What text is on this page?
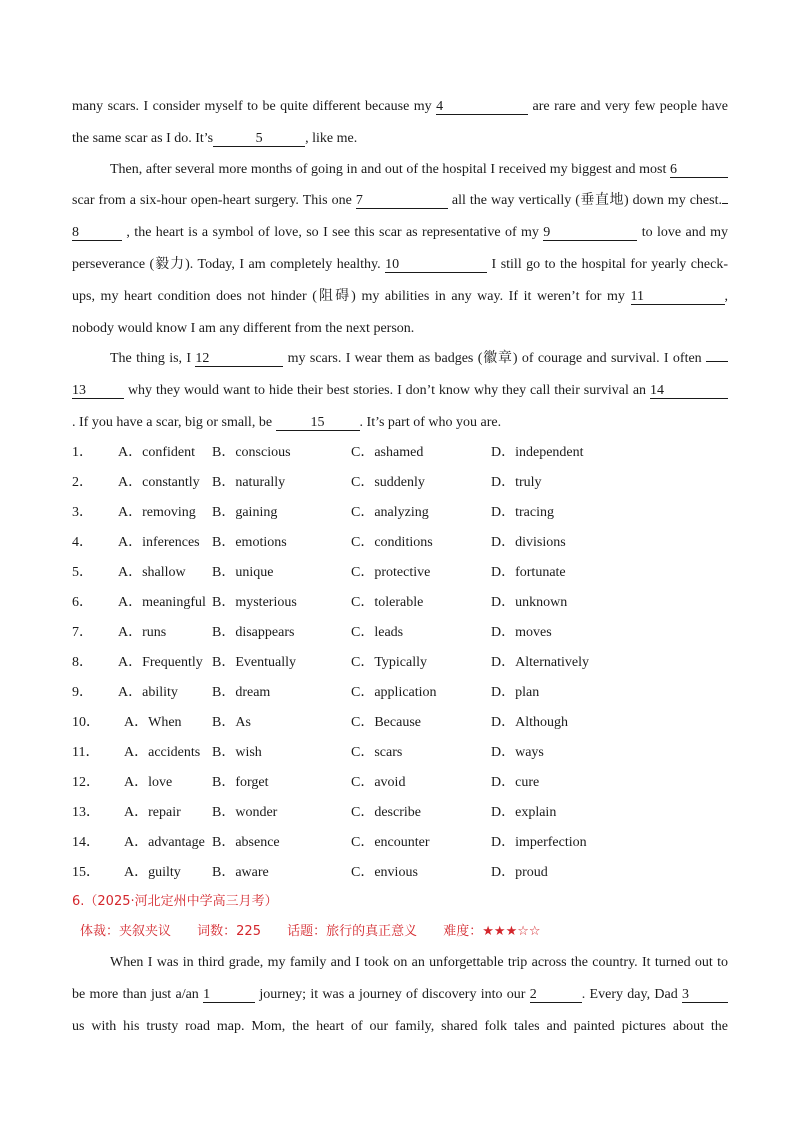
many scars. I consider myself to be quite different because my 4	are rare and very few people have
the same scar as I do. It’s	5	, like me.
Then, after several more months of going in and out of the hospital I received my biggest and most 6
scar from a six-hour open-heart surgery. This one 7	all the way vertically (垂直地) down my chest.
8	, the heart is a symbol of love, so I see this scar as representative of my 9	to love and my
perseverance (毅力). Today, I am completely healthy. 10	I still go to the hospital for yearly check-
ups, my heart condition does not hinder (阻碍) my abilities in any way. If it weren’t for my 11	,
nobody would know I am any different from the next person.
The thing is, I 12	my scars. I wear them as badges (徽章) of courage and survival. I often
13	why they would want to hide their best stories. I don’t know why they call their survival an 14
. If you have a scar, big or small, be	15	. It’s part of who you are.
1． A．confident B．conscious	C．ashamed	D．independent
2． A．constantly B．naturally	C．suddenly	D．truly
3． A．removing B．gaining	C．analyzing	D．tracing
4． A．inferences B．emotions	C．conditions	D．divisions
5． A．shallow B．unique	C．protective	D．fortunate
6． A．meaningful B．mysterious	C．tolerable	D．unknown
7． A．runs	B．disappears	C．leads	D．moves
8． A．Frequently B．Eventually	C．Typically	D．Alternatively
9． A．ability B．dream	C．application	D．plan
10． A．When B．As	C．Because	D．Although
11． A．accidents B．wish	C．scars	D．ways
12． A．love	B．forget	C．avoid	D．cure
13． A．repair B．wonder	C．describe	D．explain
14． A．advantage B．absence	C．encounter	D．imperfection
15． A．guilty B．aware	C．envious	D．proud
6.（2025·河北定州中学高三月考）
体裁：夹叙夹议 词数：225 话题：旅行的真正意义 难度：★★★☆☆
When I was in third grade, my family and I took on an unforgettable trip across the country. It turned out to
be more than just a/an 1	journey; it was a journey of discovery into our 2	. Every day, Dad 3
us with his trusty road map. Mom, the heart of our family, shared folk tales and painted pictures about the
